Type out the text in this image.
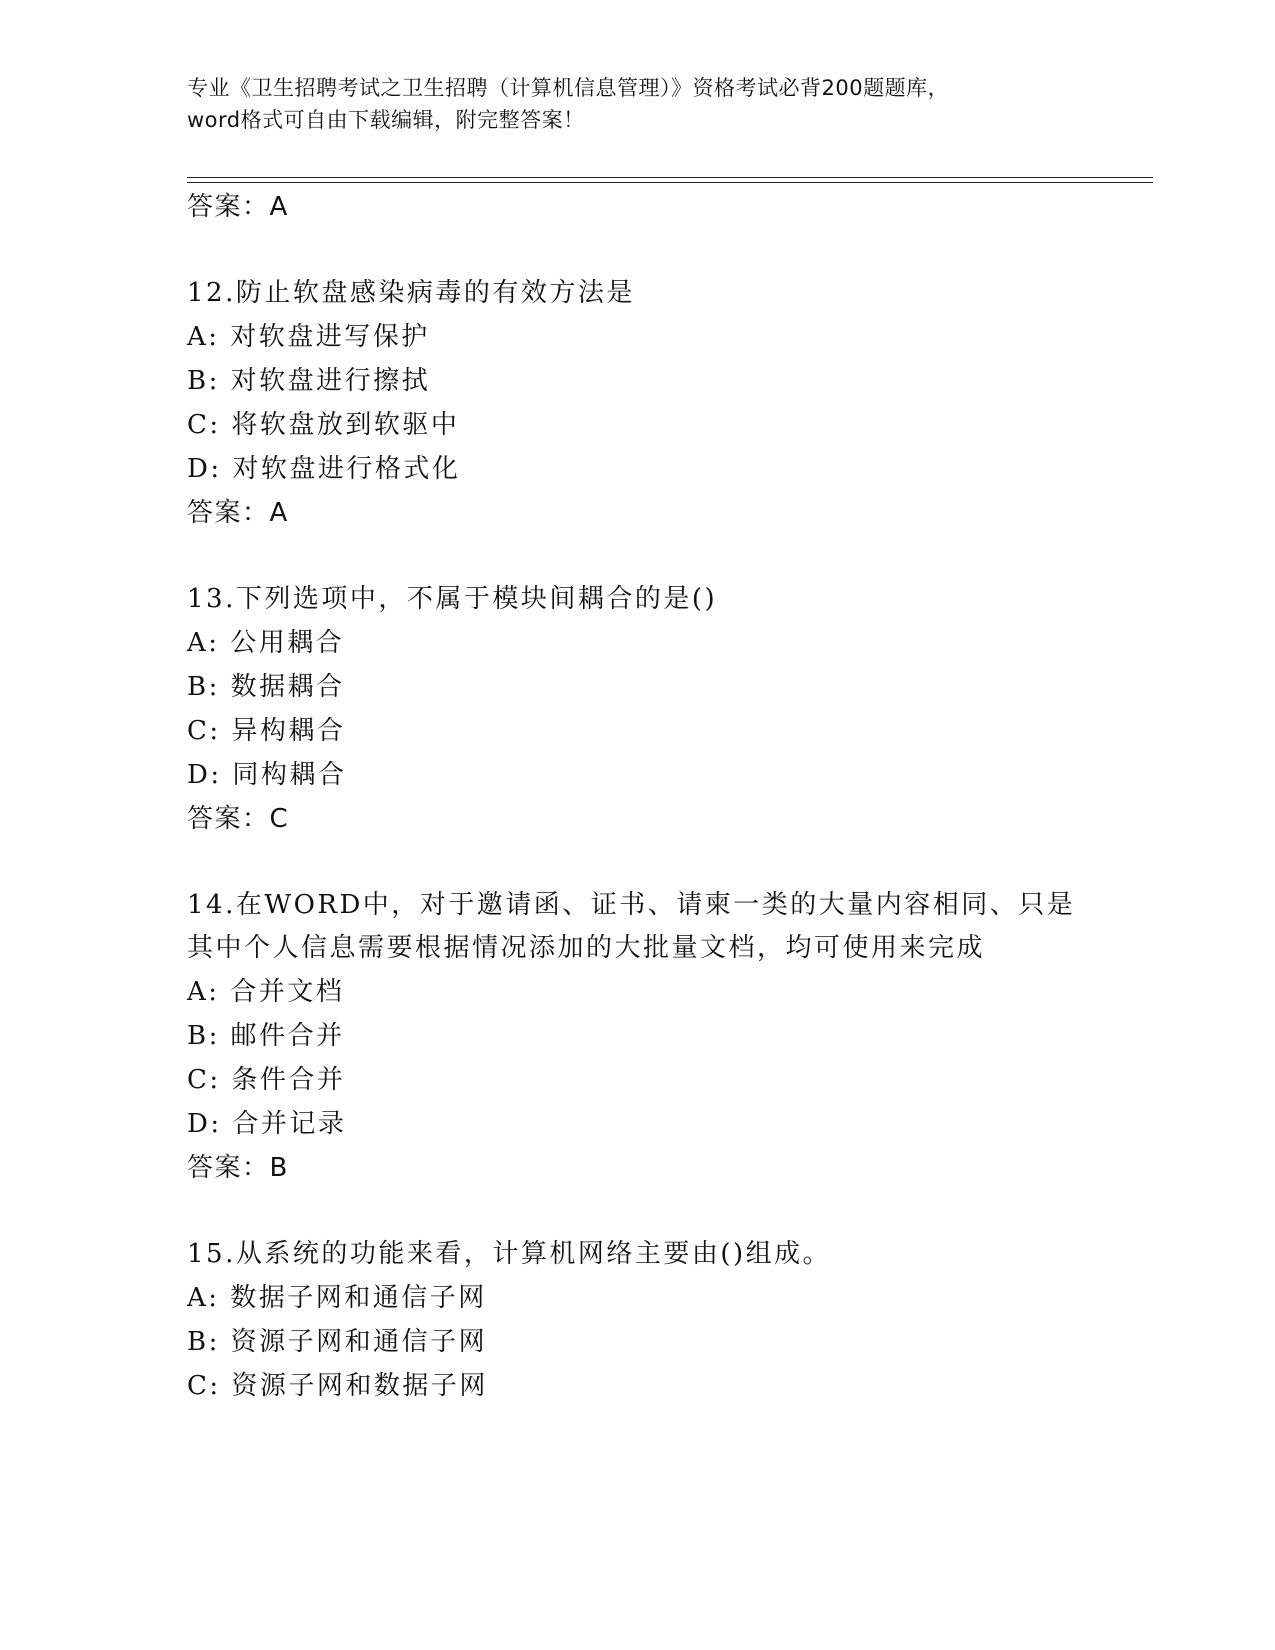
专业《卫生招聘考试之卫生招聘（计算机信息管理）》资格考试必背200题题库，
word格式可自由下载编辑，附完整答案！
答案：A
12.防止软盘感染病毒的有效方法是
A: 对软盘进写保护
B: 对软盘进行擦拭
C: 将软盘放到软驱中
D: 对软盘进行格式化
答案：A
13.下列选项中，不属于模块间耦合的是()
A: 公用耦合
B: 数据耦合
C: 异构耦合
D: 同构耦合
答案：C
14.在WORD中，对于邀请函、证书、请柬一类的大量内容相同、只是
其中个人信息需要根据情况添加的大批量文档，均可使用来完成
A: 合并文档
B: 邮件合并
C: 条件合并
D: 合并记录
答案：B
15.从系统的功能来看，计算机网络主要由()组成。
A: 数据子网和通信子网
B: 资源子网和通信子网
C: 资源子网和数据子网
